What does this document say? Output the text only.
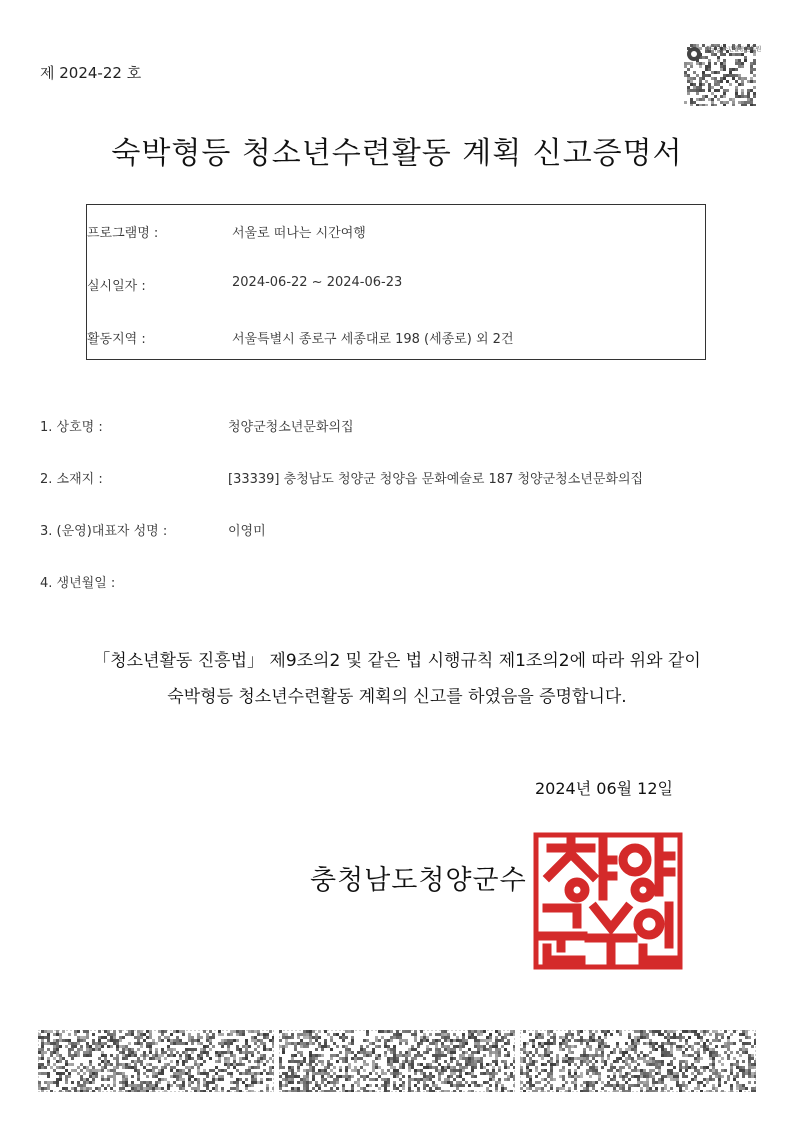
제 2024-22 호
한국청소년활동진흥원
숙박형등 청소년수련활동 계획 신고증명서
프로그램명 :	서울로 떠나는 시간여행
실시일자 :	2024-06-22 ~ 2024-06-23
활동지역 :	서울특별시 종로구 세종대로 198 (세종로) 외 2건
1. 상호명 :	청양군청소년문화의집
2. 소재지 :	[33339] 충청남도 청양군 청양읍 문화예술로 187 청양군청소년문화의집
3. (운영)대표자 성명 :	이영미
4. 생년월일 :
「청소년활동 진흥법」 제9조의2 및 같은 법 시행규칙 제1조의2에 따라 위와 같이
숙박형등 청소년수련활동 계획의 신고를 하였음을 증명합니다.
2024년 06월 12일
충청남도청양군수
